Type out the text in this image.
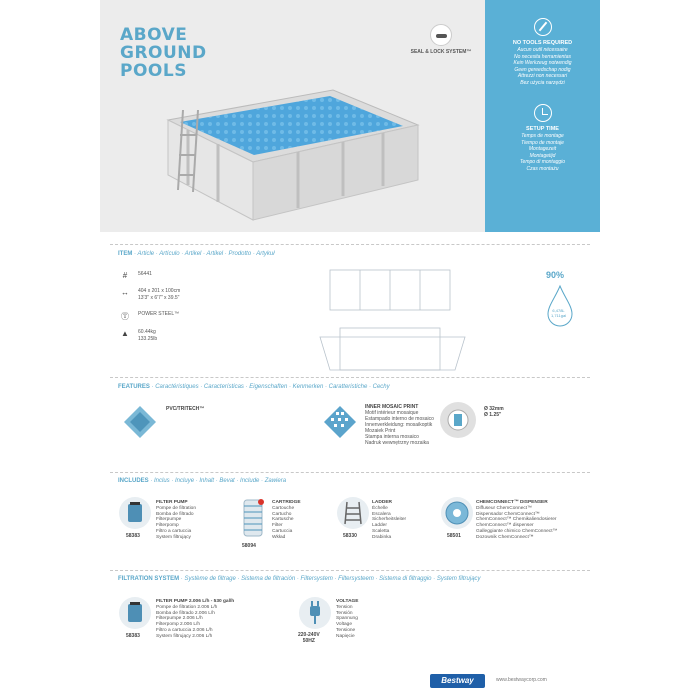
ABOVE
GROUND
POOLS
SEAL & LOCK SYSTEM™
NO TOOLS REQUIRED
Aucun outil nécessaire
No necesita herramientas
Kein Werkzeug notwendig
Geen gereedschap nodig
Attrezzi non necessari
Bez użycia narzędzi
SETUP TIME
Temps de montage
Tiempo de montaje
Montagezeit
Montagetijd
Tempo di montaggio
Czas montażu
ITEM · Article · Artículo · Artikel · Artikel · Prodotto · Artykuł
#	56441
↔	404 x 201 x 100cm
13'3" x 6'7" x 39.5"
Ⓣ	POWER STEEL™
▲	60.44kg
133.25lb
90%
6,478L
1,711gal
FEATURES · Caractéristiques · Características · Eigenschaften · Kenmerken · Caratteristiche · Cechy
PVC/TRITECH™	INNER MOSAIC PRINT
Motif intérieur mosaique
Estampado interno de mosaico
Innenverkleidung: mosaikoptik
Mozaiek Print
Stampa interna mosaico
Nadruk wewnętrzny mozaika
Ø 32mm
Ø 1.25"
INCLUDES · Inclus · Incluye · Inhalt · Bevat · Include · Zawiera
58383
FILTER PUMP
Pompe de filtration
Bomba de filtrado
Filterpumpe
Filterpomp
Filtro a cartuccia
System filtrujący
58094
CARTRIDGE
Cartouche
Cartucho
Kartusche
Filter
Cartuccia
Wkład	58330
LADDER
Échelle
Escalera
Sicherheitsleiter
Ladder
Scaletta
Drabinka	58501
CHEMCONNECT™ DISPENSER
Diffuseur ChemConnect™
Dispensador ChemConnect™
ChemConnect™ Chemikaliendosierer
ChemConnect™ dispenser
Galleggiante chimico ChemConnect™
Dozownik ChemConnect™
FILTRATION SYSTEM · Système de filtrage · Sistema de filtración · Filtersystem · Filtersysteem · Sistema di filtraggio · System filtrujący
58383
FILTER PUMP 2.006 L/h - 530 gal/h
Pompe de filtration 2.006 L/h
Bomba de filtrado 2.006 L/h
Filterpumpe 2.006 L/h
Filterpomp 2.006 L/h
Filtro a cartuccia 2.006 L/h
System filtrujący 2.006 L/h	220-240V
50HZ
VOLTAGE
Tension
Tensión
Spannung
Voltage
Tensione
Napięcie
Bestway	www.bestwaycorp.com
